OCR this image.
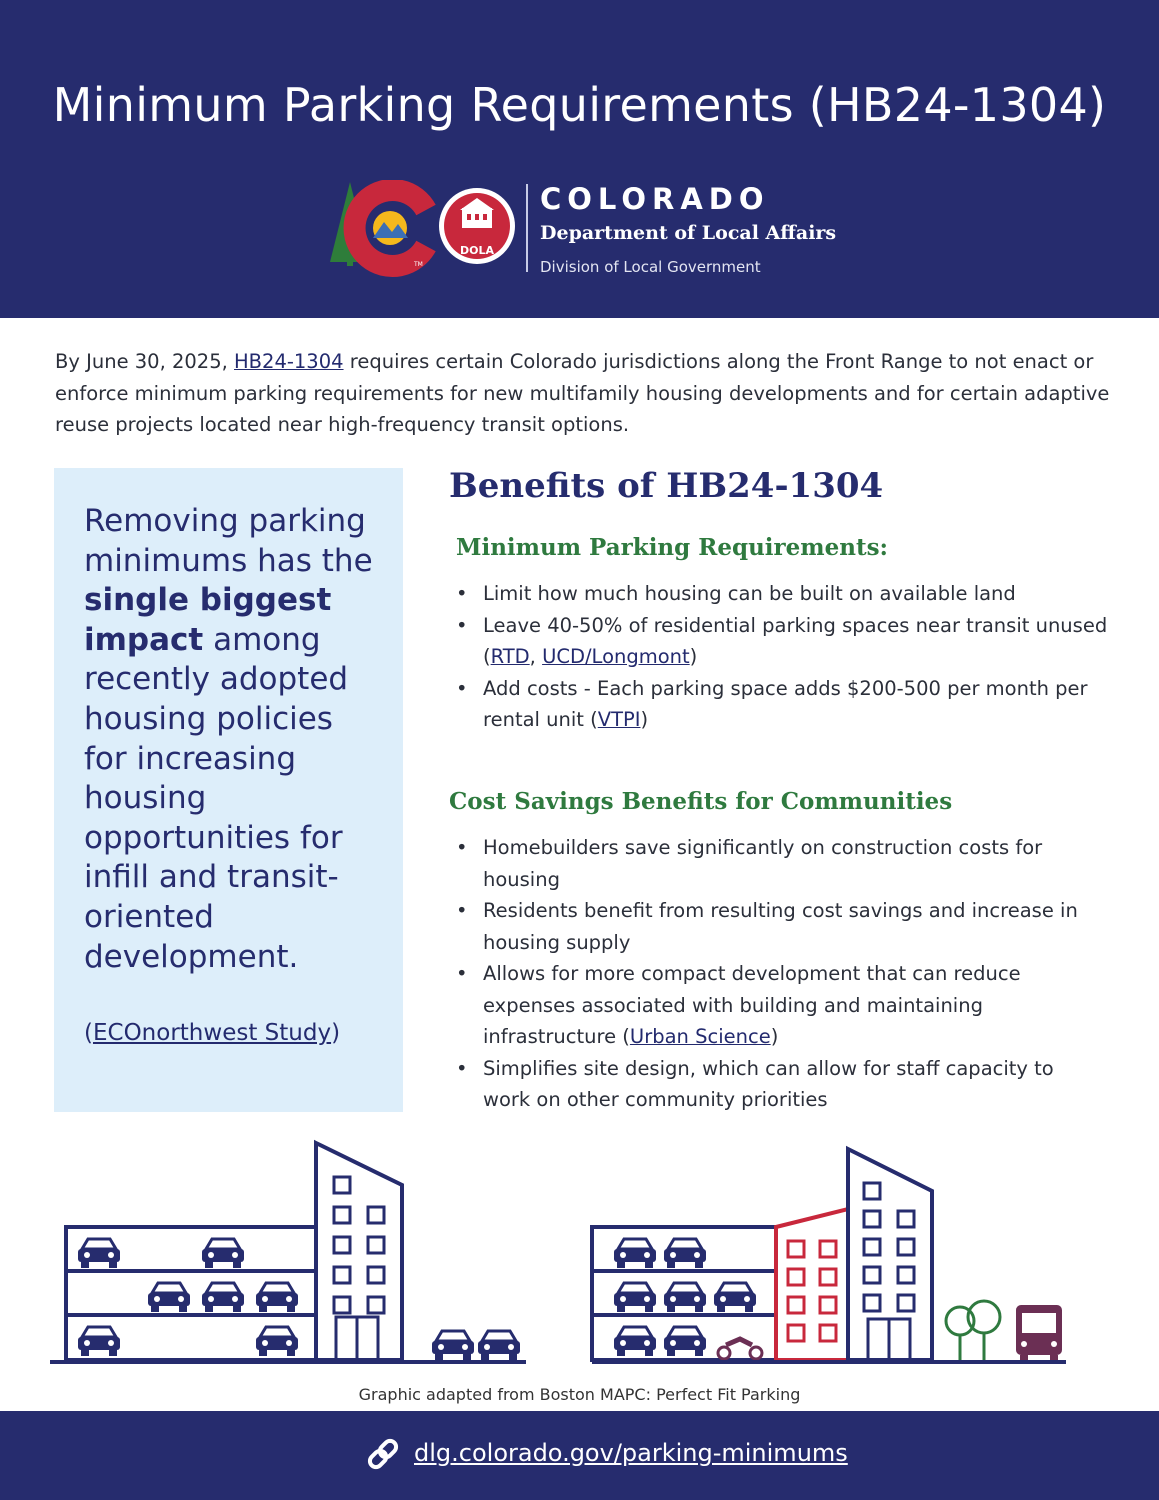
Minimum Parking Requirements (HB24-1304)
TM
DOLA
COLORADO
Department of Local Affairs
Division of Local Government
By June 30, 2025, HB24-1304 requires certain Colorado jurisdictions along the Front Range to not enact or enforce minimum parking requirements for new multifamily housing developments and for certain adaptive reuse projects located near high-frequency transit options.
Removing parking minimums has the single biggest impact among recently adopted housing policies for increasing housing opportunities for infill and transit-oriented development.
(ECOnorthwest Study)
Benefits of HB24-1304
Minimum Parking Requirements:
• Limit how much housing can be built on available land
• Leave 40-50% of residential parking spaces near transit unused (RTD, UCD/Longmont)
• Add costs - Each parking space adds $200-500 per month per rental unit (VTPI)
Cost Savings Benefits for Communities
• Homebuilders save significantly on construction costs for housing
• Residents benefit from resulting cost savings and increase in housing supply
• Allows for more compact development that can reduce expenses associated with building and maintaining infrastructure (Urban Science)
• Simplifies site design, which can allow for staff capacity to work on other community priorities
Graphic adapted from Boston MAPC: Perfect Fit Parking
dlg.colorado.gov/parking-minimums
